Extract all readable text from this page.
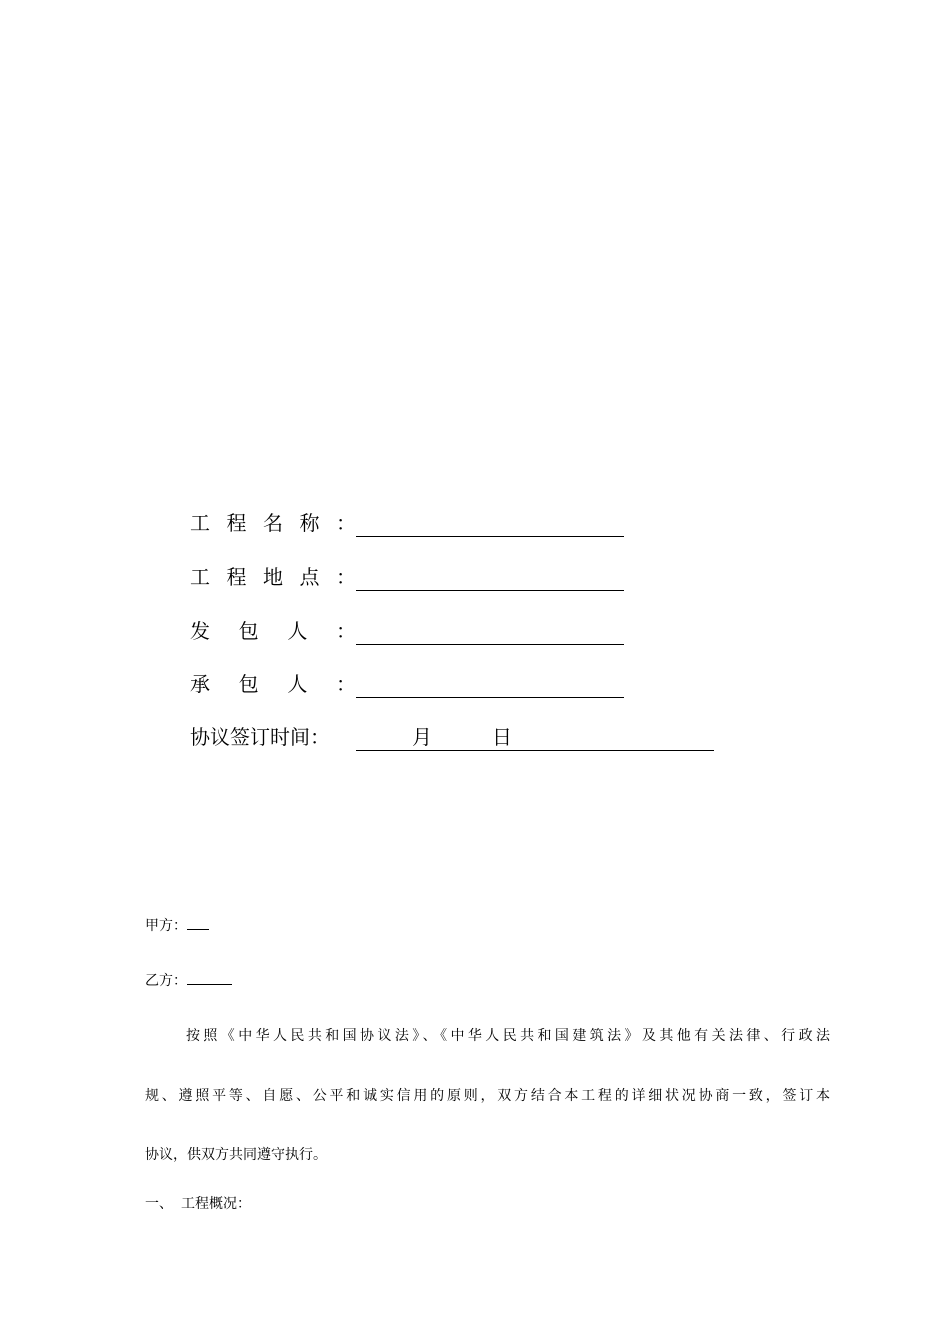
工 程 名 称 ：
工 程 地 点 ：
发 包 人 ：
承 包 人 ：
协议签订时间：	月	日
甲方：
乙方：
按照《中华人民共和国协议法》、《中华人民共和国建筑法》及其他有关法律、行政法
规、遵照平等、自愿、公平和诚实信用的原则，双方结合本工程的详细状况协商一致，签订本
协议，供双方共同遵守执行。
一、 工程概况：
